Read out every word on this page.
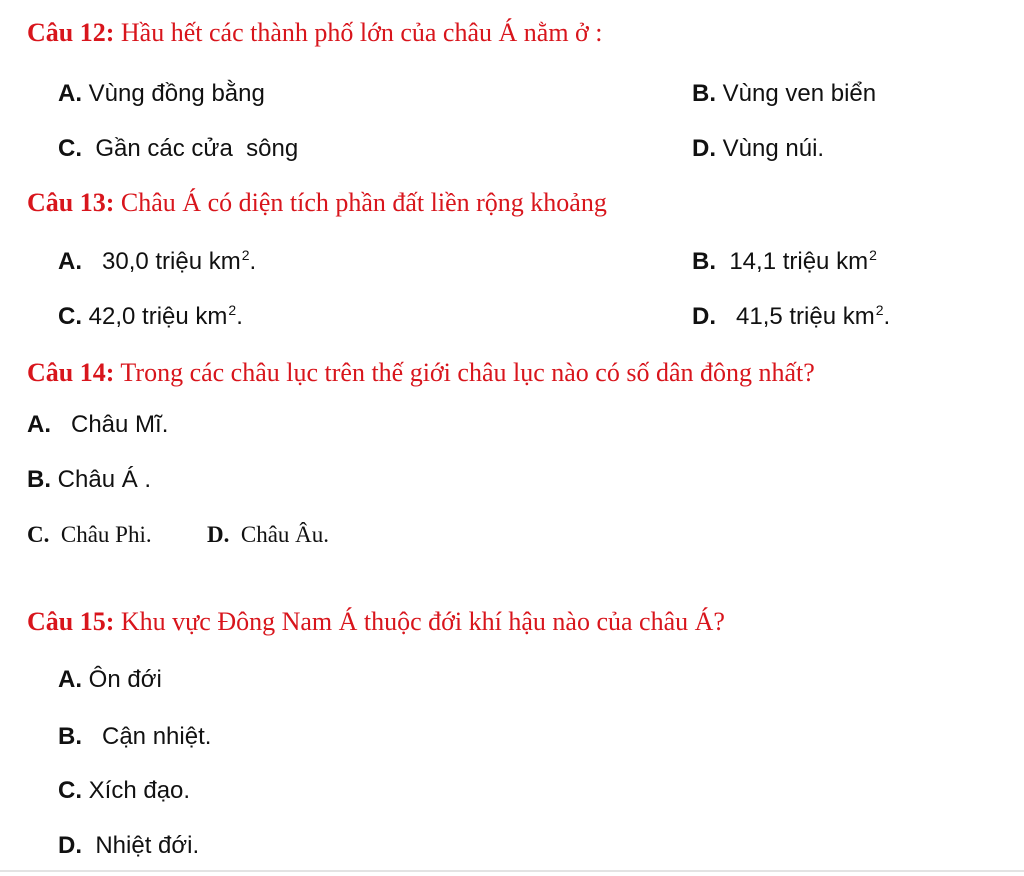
Câu 12: Hầu hết các thành phố lớn của châu Á nằm ở :
A. Vùng đồng bằng	B. Vùng ven biển
C.  Gần các cửa  sông	D. Vùng núi.
Câu 13: Châu Á có diện tích phần đất liền rộng khoảng
A.   30,0 triệu $km^2$.	B.  14,1 triệu $km^2$
C. 42,0 triệu $km^2$.	D.   41,5 triệu $km^2$.
Câu 14: Trong các châu lục trên thế giới châu lục nào có số dân đông nhất?
A.   Châu Mĩ.
B. Châu Á .
C.  Châu Phi. D.  Châu Âu.
Câu 15: Khu vực Đông Nam Á thuộc đới khí hậu nào của châu Á?
A. Ôn đới
B.   Cận nhiệt.
C. Xích đạo.
D.  Nhiệt đới.
